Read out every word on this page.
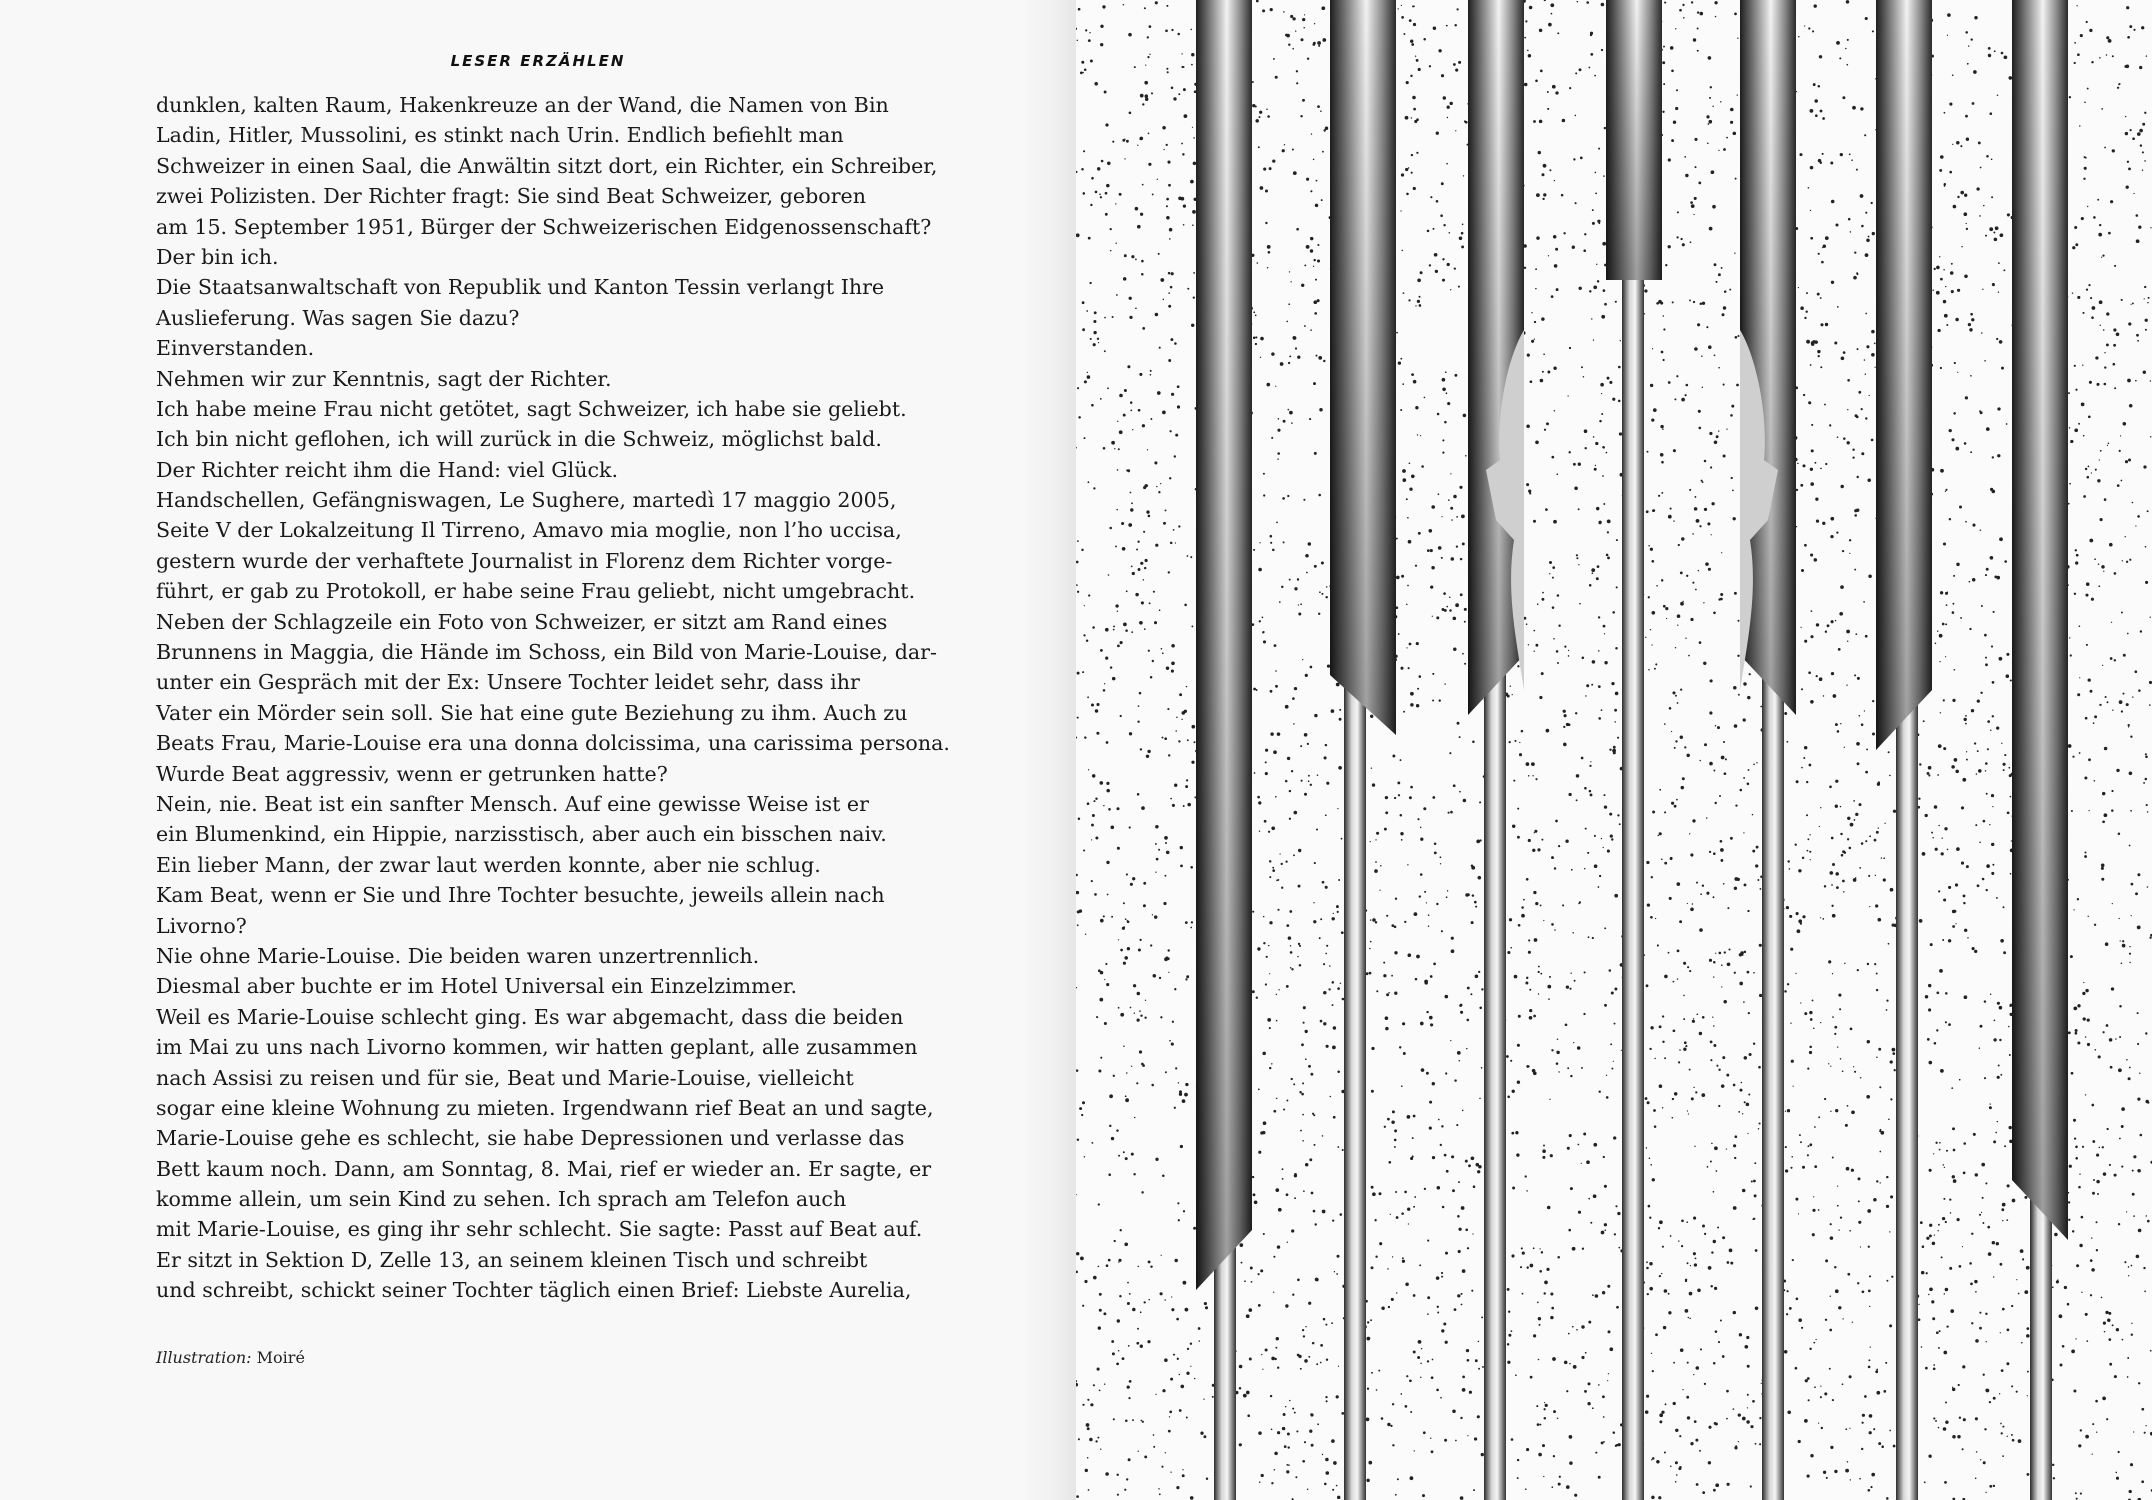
LESER ERZÄHLEN
dunklen, kalten Raum, Hakenkreuze an der Wand, die Namen von Bin
Ladin, Hitler, Mussolini, es stinkt nach Urin. Endlich befiehlt man
Schweizer in einen Saal, die Anwältin sitzt dort, ein Richter, ein Schreiber,
zwei Polizisten. Der Richter fragt: Sie sind Beat Schweizer, geboren
am 15. September 1951, Bürger der Schweizerischen Eidgenossenschaft?
Der bin ich.
Die Staatsanwaltschaft von Republik und Kanton Tessin verlangt Ihre
Auslieferung. Was sagen Sie dazu?
Einverstanden.
Nehmen wir zur Kenntnis, sagt der Richter.
Ich habe meine Frau nicht getötet, sagt Schweizer, ich habe sie geliebt.
Ich bin nicht geflohen, ich will zurück in die Schweiz, möglichst bald.
Der Richter reicht ihm die Hand: viel Glück.
Handschellen, Gefängniswagen, Le Sughere, martedì 17 maggio 2005,
Seite V der Lokalzeitung Il Tirreno, Amavo mia moglie, non l’ho uccisa,
gestern wurde der verhaftete Journalist in Florenz dem Richter vorge-
führt, er gab zu Protokoll, er habe seine Frau geliebt, nicht umgebracht.
Neben der Schlagzeile ein Foto von Schweizer, er sitzt am Rand eines
Brunnens in Maggia, die Hände im Schoss, ein Bild von Marie-Louise, dar-
unter ein Gespräch mit der Ex: Unsere Tochter leidet sehr, dass ihr
Vater ein Mörder sein soll. Sie hat eine gute Beziehung zu ihm. Auch zu
Beats Frau, Marie-Louise era una donna dolcissima, una carissima persona.
Wurde Beat aggressiv, wenn er getrunken hatte?
Nein, nie. Beat ist ein sanfter Mensch. Auf eine gewisse Weise ist er
ein Blumenkind, ein Hippie, narzisstisch, aber auch ein bisschen naiv.
Ein lieber Mann, der zwar laut werden konnte, aber nie schlug.
Kam Beat, wenn er Sie und Ihre Tochter besuchte, jeweils allein nach
Livorno?
Nie ohne Marie-Louise. Die beiden waren unzertrennlich.
Diesmal aber buchte er im Hotel Universal ein Einzelzimmer.
Weil es Marie-Louise schlecht ging. Es war abgemacht, dass die beiden
im Mai zu uns nach Livorno kommen, wir hatten geplant, alle zusammen
nach Assisi zu reisen und für sie, Beat und Marie-Louise, vielleicht
sogar eine kleine Wohnung zu mieten. Irgendwann rief Beat an und sagte,
Marie-Louise gehe es schlecht, sie habe Depressionen und verlasse das
Bett kaum noch. Dann, am Sonntag, 8. Mai, rief er wieder an. Er sagte, er
komme allein, um sein Kind zu sehen. Ich sprach am Telefon auch
mit Marie-Louise, es ging ihr sehr schlecht. Sie sagte: Passt auf Beat auf.
Er sitzt in Sektion D, Zelle 13, an seinem kleinen Tisch und schreibt
und schreibt, schickt seiner Tochter täglich einen Brief: Liebste Aurelia,
Illustration: Moiré
